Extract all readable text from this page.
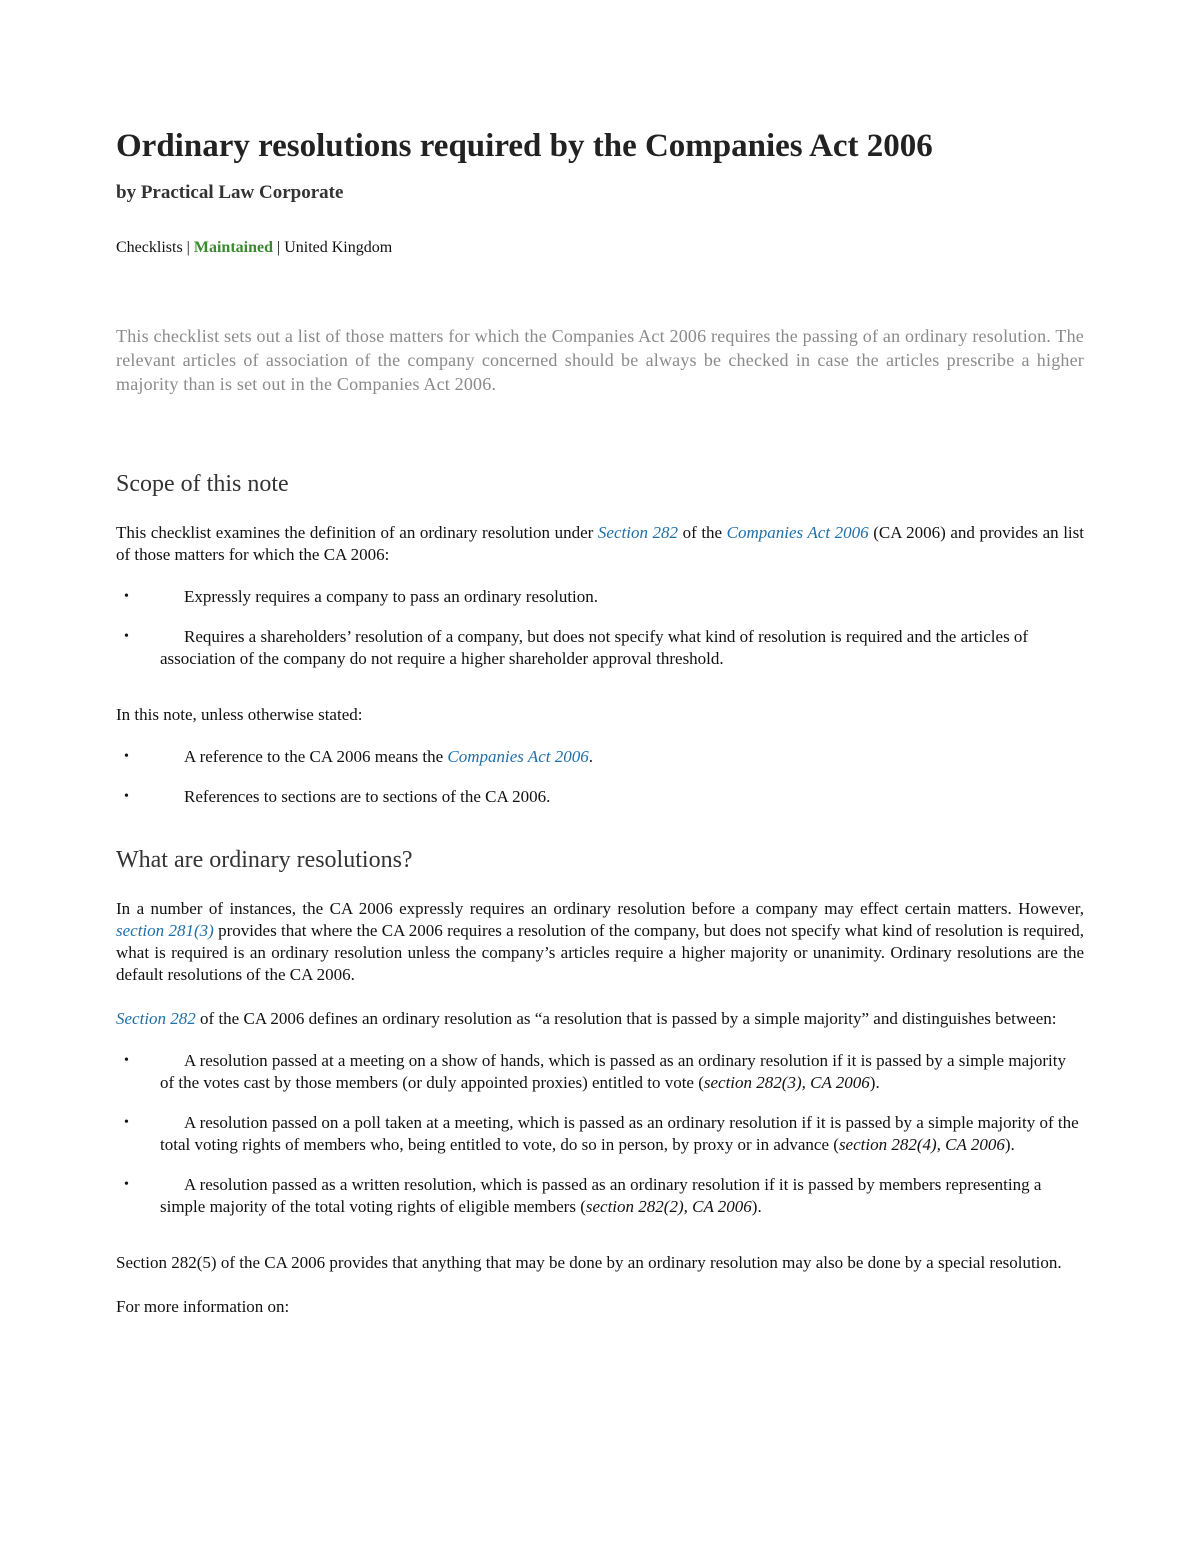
Ordinary resolutions required by the Companies Act 2006
by Practical Law Corporate
Checklists | Maintained | United Kingdom

This checklist sets out a list of those matters for which the Companies Act 2006 requires the passing of an ordinary resolution. The relevant articles of association of the company concerned should be always be checked in case the articles prescribe a higher majority than is set out in the Companies Act 2006.

Scope of this note

This checklist examines the definition of an ordinary resolution under Section 282 of the Companies Act 2006 (CA 2006) and provides an list of those matters for which the CA 2006:

•	Expressly requires a company to pass an ordinary resolution.
•	Requires a shareholders’ resolution of a company, but does not specify what kind of resolution is required and the articles of association of the company do not require a higher shareholder approval threshold.

In this note, unless otherwise stated:

•	A reference to the CA 2006 means the Companies Act 2006.
•	References to sections are to sections of the CA 2006.
What are ordinary resolutions?

In a number of instances, the CA 2006 expressly requires an ordinary resolution before a company may effect certain matters. However, section 281(3) provides that where the CA 2006 requires a resolution of the company, but does not specify what kind of resolution is required, what is required is an ordinary resolution unless the company’s articles require a higher majority or unanimity. Ordinary resolutions are the default resolutions of the CA 2006.

Section 282 of the CA 2006 defines an ordinary resolution as “a resolution that is passed by a simple majority” and distinguishes between:

•	A resolution passed at a meeting on a show of hands, which is passed as an ordinary resolution if it is passed by a simple majority of the votes cast by those members (or duly appointed proxies) entitled to vote (section 282(3), CA 2006).
•	A resolution passed on a poll taken at a meeting, which is passed as an ordinary resolution if it is passed by a simple majority of the total voting rights of members who, being entitled to vote, do so in person, by proxy or in advance (section 282(4), CA 2006).
•	A resolution passed as a written resolution, which is passed as an ordinary resolution if it is passed by members representing a simple majority of the total voting rights of eligible members (section 282(2), CA 2006).

Section 282(5) of the CA 2006 provides that anything that may be done by an ordinary resolution may also be done by a special resolution.

For more information on:
